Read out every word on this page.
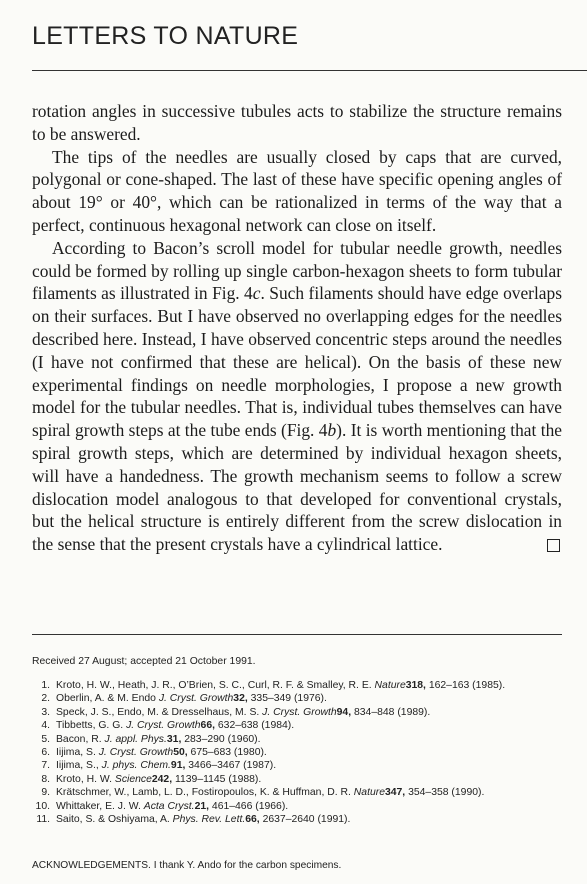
LETTERS TO NATURE

rotation angles in successive tubules acts to stabilize the structure remains to be answered.

The tips of the needles are usually closed by caps that are curved, polygonal or cone-shaped. The last of these have specific opening angles of about 19° or 40°, which can be rationalized in terms of the way that a perfect, continuous hexagonal network can close on itself.

According to Bacon’s scroll model for tubular needle growth, needles could be formed by rolling up single carbon-hexagon sheets to form tubular filaments as illustrated in Fig. 4c. Such filaments should have edge overlaps on their surfaces. But I have observed no overlapping edges for the needles described here. Instead, I have observed concentric steps around the needles (I have not confirmed that these are helical). On the basis of these new experimental findings on needle morphologies, I propose a new growth model for the tubular needles. That is, individual tubes themselves can have spiral growth steps at the tube ends (Fig. 4b). It is worth mentioning that the spiral growth steps, which are determined by individual hexagon sheets, will have a handedness. The growth mechanism seems to follow a screw dislocation model analogous to that developed for conventional crystals, but the helical structure is entirely different from the screw dislocation in the sense that the present crystals have a cylindrical lattice.

Received 27 August; accepted 21 October 1991.
1. Kroto, H. W., Heath, J. R., O’Brien, S. C., Curl, R. F. & Smalley, R. E. Nature318, 162–163 (1985).
2. Oberlin, A. & M. Endo J. Cryst. Growth32, 335–349 (1976).
3. Speck, J. S., Endo, M. & Dresselhaus, M. S. J. Cryst. Growth94, 834–848 (1989).
4. Tibbetts, G. G. J. Cryst. Growth66, 632–638 (1984).
5. Bacon, R. J. appl. Phys.31, 283–290 (1960).
6. Iijima, S. J. Cryst. Growth50, 675–683 (1980).
7. Iijima, S., J. phys. Chem.91, 3466–3467 (1987).
8. Kroto, H. W. Science242, 1139–1145 (1988).
9. Krätschmer, W., Lamb, L. D., Fostiropoulos, K. & Huffman, D. R. Nature347, 354–358 (1990).
10. Whittaker, E. J. W. Acta Cryst.21, 461–466 (1966).
11. Saito, S. & Oshiyama, A. Phys. Rev. Lett.66, 2637–2640 (1991).
ACKNOWLEDGEMENTS. I thank Y. Ando for the carbon specimens.
